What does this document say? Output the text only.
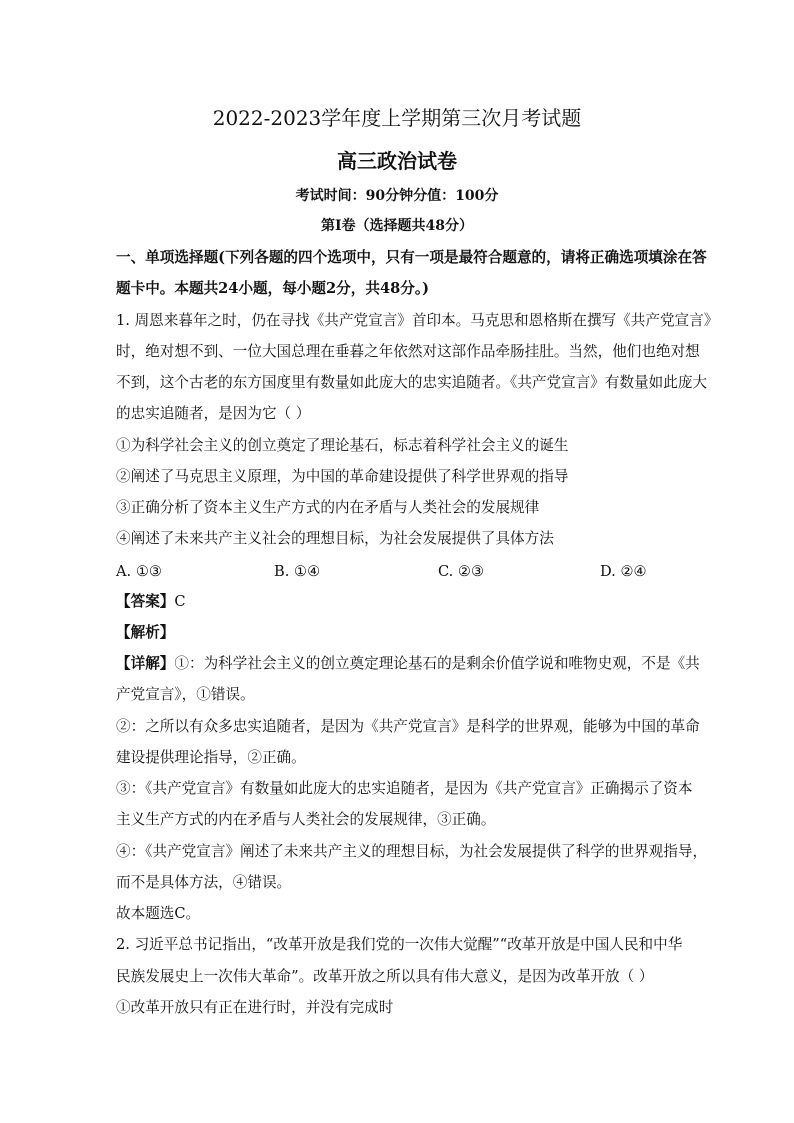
2022-2023学年度上学期第三次月考试题
高三政治试卷
考试时间：90分钟分值：100分
第Ⅰ卷（选择题共48分）
一、单项选择题(下列各题的四个选项中，只有一项是最符合题意的，请将正确选项填涂在答
题卡中。本题共24小题，每小题2分，共48分。)
1. 周恩来暮年之时，仍在寻找《共产党宣言》首印本。马克思和恩格斯在撰写《共产党宣言》
时，绝对想不到、一位大国总理在垂暮之年依然对这部作品牵肠挂肚。当然，他们也绝对想
不到，这个古老的东方国度里有数量如此庞大的忠实追随者。《共产党宣言》有数量如此庞大
的忠实追随者，是因为它（ ）
①为科学社会主义的创立奠定了理论基石，标志着科学社会主义的诞生
②阐述了马克思主义原理，为中国的革命建设提供了科学世界观的指导
③正确分析了资本主义生产方式的内在矛盾与人类社会的发展规律
④阐述了未来共产主义社会的理想目标，为社会发展提供了具体方法
A. ①③	B. ①④	C. ②③	D. ②④
【答案】C
【解析】
【详解】①：为科学社会主义的创立奠定理论基石的是剩余价值学说和唯物史观，不是《共
产党宣言》，①错误。
②：之所以有众多忠实追随者，是因为《共产党宣言》是科学的世界观，能够为中国的革命
建设提供理论指导，②正确。
③：《共产党宣言》有数量如此庞大的忠实追随者，是因为《共产党宣言》正确揭示了资本
主义生产方式的内在矛盾与人类社会的发展规律，③正确。
④：《共产党宣言》阐述了未来共产主义的理想目标，为社会发展提供了科学的世界观指导，
而不是具体方法，④错误。
故本题选C。
2. 习近平总书记指出，“改革开放是我们党的一次伟大觉醒”“改革开放是中国人民和中华
民族发展史上一次伟大革命”。改革开放之所以具有伟大意义，是因为改革开放（ ）
①改革开放只有正在进行时，并没有完成时
